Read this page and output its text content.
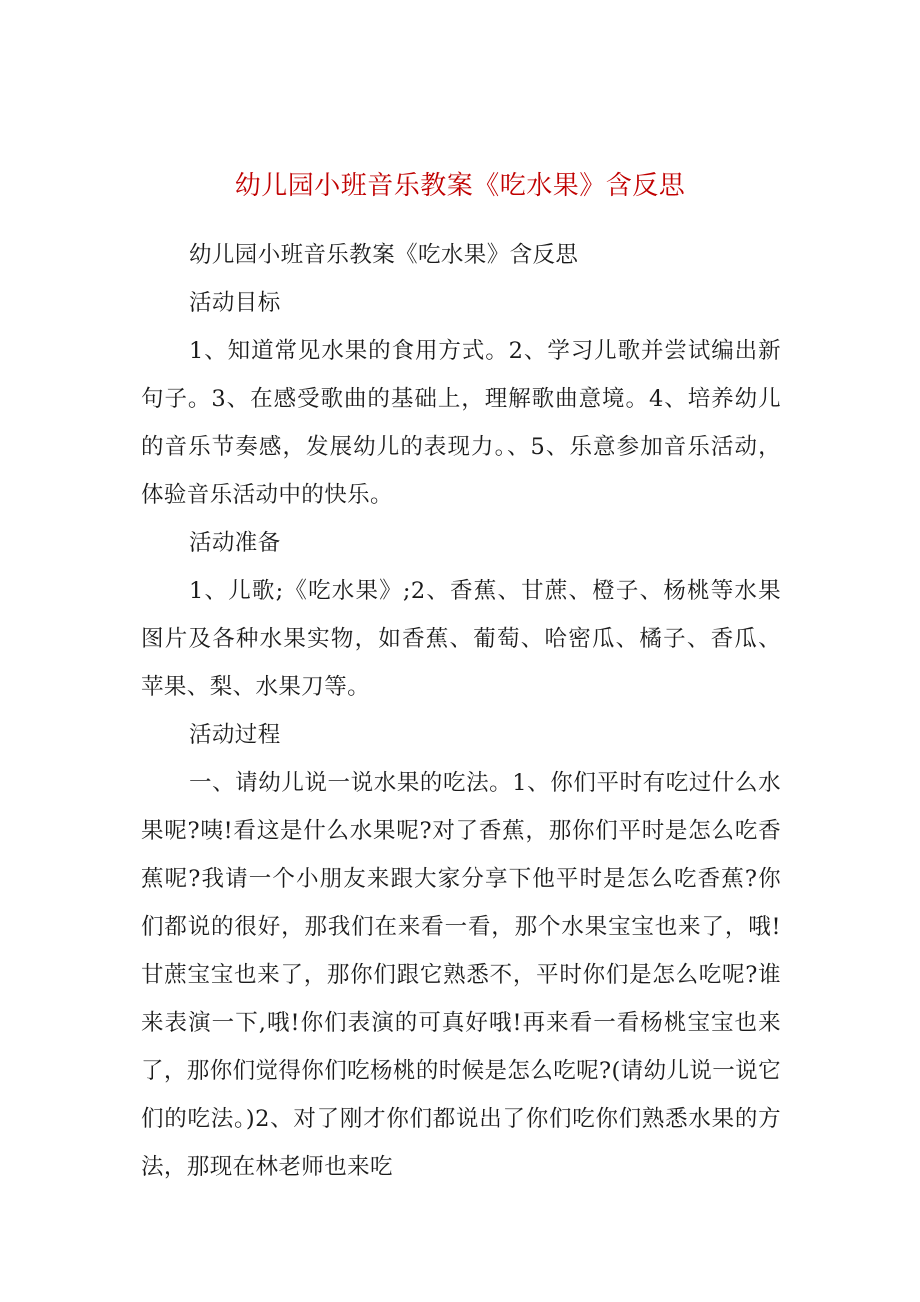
幼儿园小班音乐教案《吃水果》含反思

幼儿园小班音乐教案《吃水果》含反思

活动目标

1、知道常见水果的食用方式。2、学习儿歌并尝试编出新句子。3、在感受歌曲的基础上，理解歌曲意境。4、培养幼儿的音乐节奏感，发展幼儿的表现力。、5、乐意参加音乐活动，体验音乐活动中的快乐。

活动准备

1、儿歌;《吃水果》;2、香蕉、甘蔗、橙子、杨桃等水果图片及各种水果实物，如香蕉、葡萄、哈密瓜、橘子、香瓜、苹果、梨、水果刀等。

活动过程

一、请幼儿说一说水果的吃法。1、你们平时有吃过什么水果呢?咦!看这是什么水果呢?对了香蕉，那你们平时是怎么吃香蕉呢?我请一个小朋友来跟大家分享下他平时是怎么吃香蕉?你们都说的很好，那我们在来看一看，那个水果宝宝也来了，哦!甘蔗宝宝也来了，那你们跟它熟悉不，平时你们是怎么吃呢?谁来表演一下,哦!你们表演的可真好哦!再来看一看杨桃宝宝也来了，那你们觉得你们吃杨桃的时候是怎么吃呢?(请幼儿说一说它们的吃法。)2、对了刚才你们都说出了你们吃你们熟悉水果的方法，那现在林老师也来吃
